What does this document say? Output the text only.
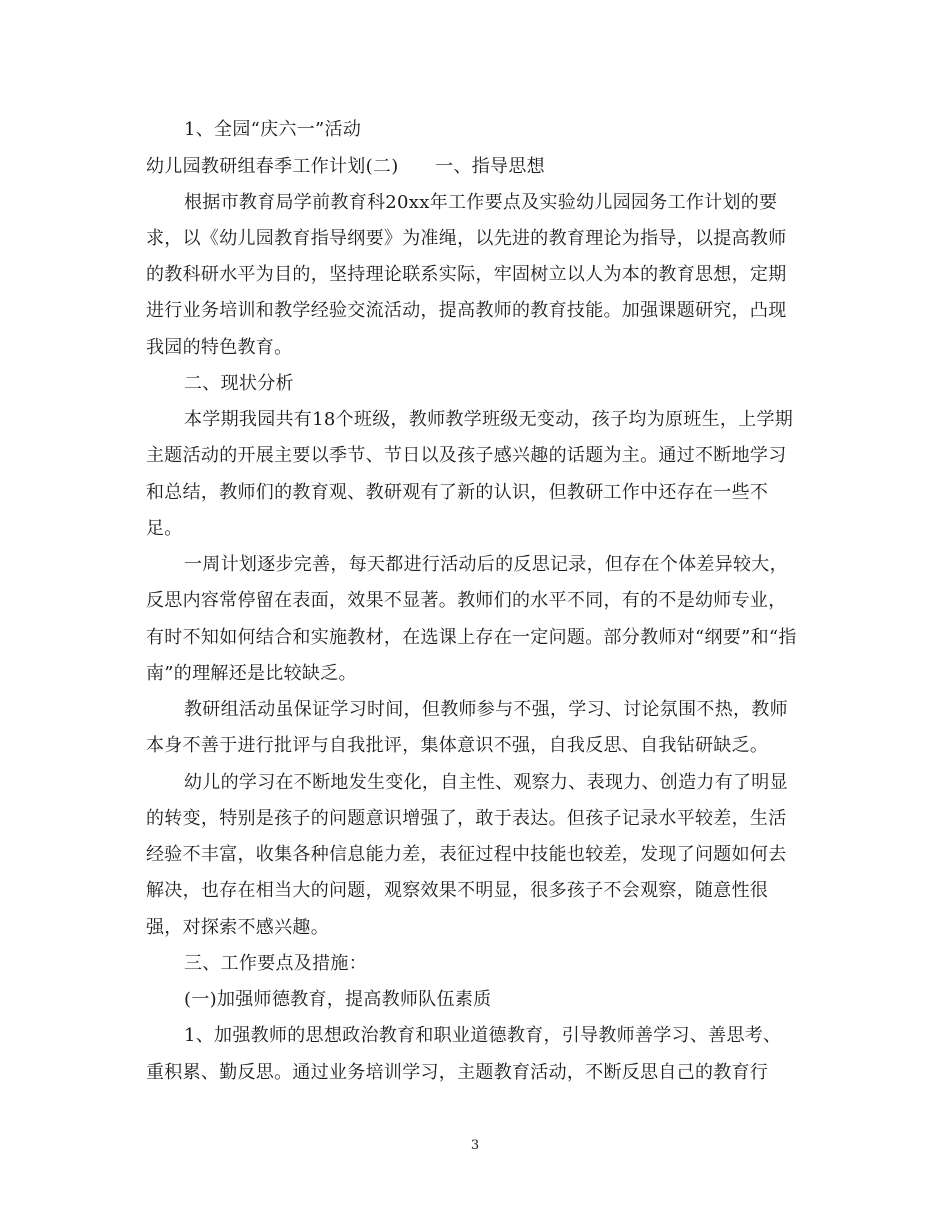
1、全园“庆六一”活动
幼儿园教研组春季工作计划(二)　　一、指导思想
根据市教育局学前教育科20xx年工作要点及实验幼儿园园务工作计划的要
求，以《幼儿园教育指导纲要》为准绳，以先进的教育理论为指导，以提高教师
的教科研水平为目的，坚持理论联系实际，牢固树立以人为本的教育思想，定期
进行业务培训和教学经验交流活动，提高教师的教育技能。加强课题研究，凸现
我园的特色教育。
二、现状分析
本学期我园共有18个班级，教师教学班级无变动，孩子均为原班生，上学期
主题活动的开展主要以季节、节日以及孩子感兴趣的话题为主。通过不断地学习
和总结，教师们的教育观、教研观有了新的认识，但教研工作中还存在一些不
足。
一周计划逐步完善，每天都进行活动后的反思记录，但存在个体差异较大，
反思内容常停留在表面，效果不显著。教师们的水平不同，有的不是幼师专业，
有时不知如何结合和实施教材，在选课上存在一定问题。部分教师对“纲要”和“指
南”的理解还是比较缺乏。
教研组活动虽保证学习时间，但教师参与不强，学习、讨论氛围不热，教师
本身不善于进行批评与自我批评，集体意识不强，自我反思、自我钻研缺乏。
幼儿的学习在不断地发生变化，自主性、观察力、表现力、创造力有了明显
的转变，特别是孩子的问题意识增强了，敢于表达。但孩子记录水平较差，生活
经验不丰富，收集各种信息能力差，表征过程中技能也较差，发现了问题如何去
解决，也存在相当大的问题，观察效果不明显，很多孩子不会观察，随意性很
强，对探索不感兴趣。
三、工作要点及措施：
(一)加强师德教育，提高教师队伍素质
1、加强教师的思想政治教育和职业道德教育，引导教师善学习、善思考、
重积累、勤反思。通过业务培训学习，主题教育活动，不断反思自己的教育行
3
